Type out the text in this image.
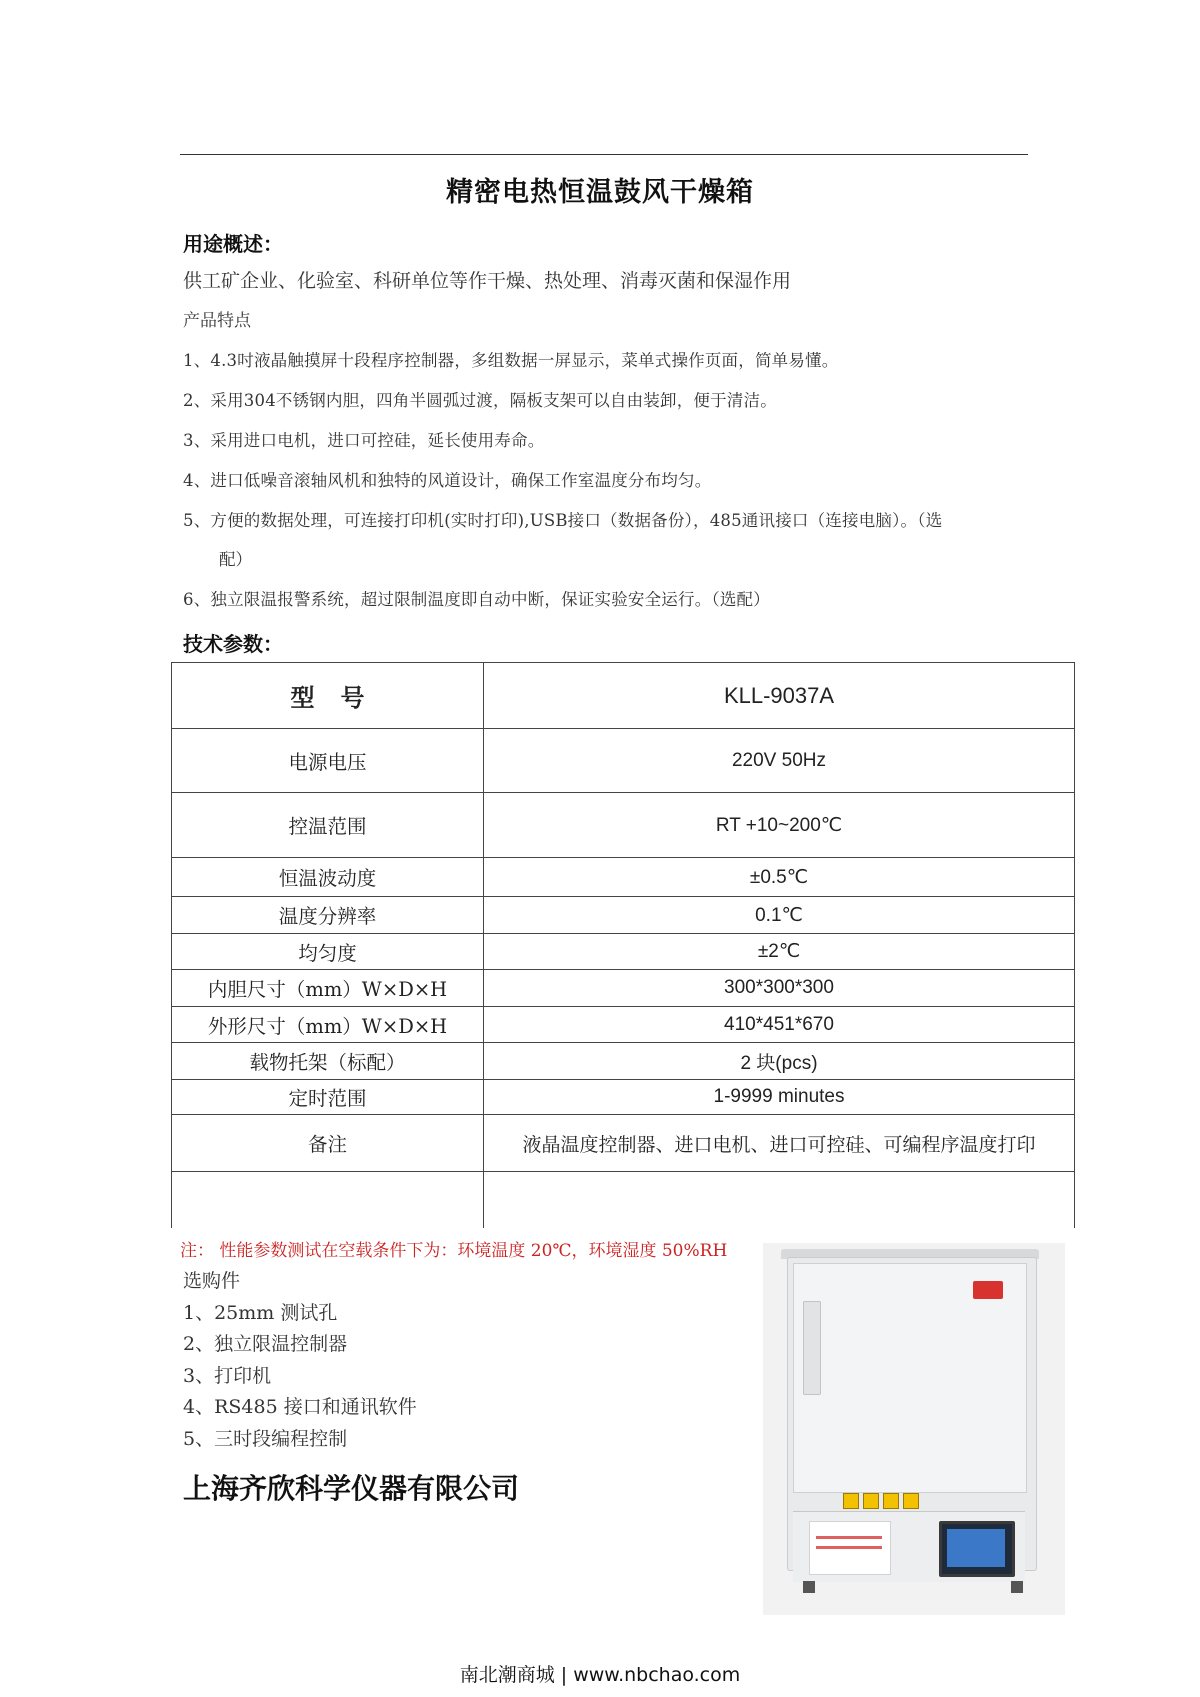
精密电热恒温鼓风干燥箱
用途概述：
供工矿企业、化验室、科研单位等作干燥、热处理、消毒灭菌和保湿作用
产品特点
1、4.3吋液晶触摸屏十段程序控制器，多组数据一屏显示，菜单式操作页面，简单易懂。
2、采用304不锈钢内胆，四角半圆弧过渡，隔板支架可以自由装卸，便于清洁。
3、采用进口电机，进口可控硅，延长使用寿命。
4、进口低噪音滚轴风机和独特的风道设计，确保工作室温度分布均匀。
5、方便的数据处理，可连接打印机(实时打印),USB接口（数据备份），485通讯接口（连接电脑）。（选
配）
6、独立限温报警系统，超过限制温度即自动中断，保证实验安全运行。（选配）
技术参数：
型号	KLL-9037A
电源电压	220V 50Hz
控温范围	RT +10~200℃
恒温波动度	±0.5℃
温度分辨率	0.1℃
均匀度	±2℃
内胆尺寸（mm）W×D×H	300*300*300
外形尺寸（mm）W×D×H	410*451*670
载物托架（标配）	2 块(pcs)
定时范围	1-9999 minutes
备注	液晶温度控制器、进口电机、进口可控硅、可编程序温度打印

注： 性能参数测试在空载条件下为：环境温度 20℃，环境湿度 50%RH
选购件
1、25mm 测试孔
2、独立限温控制器
3、打印机
4、RS485 接口和通讯软件
5、三时段编程控制
上海齐欣科学仪器有限公司
南北潮商城 | www.nbchao.com
